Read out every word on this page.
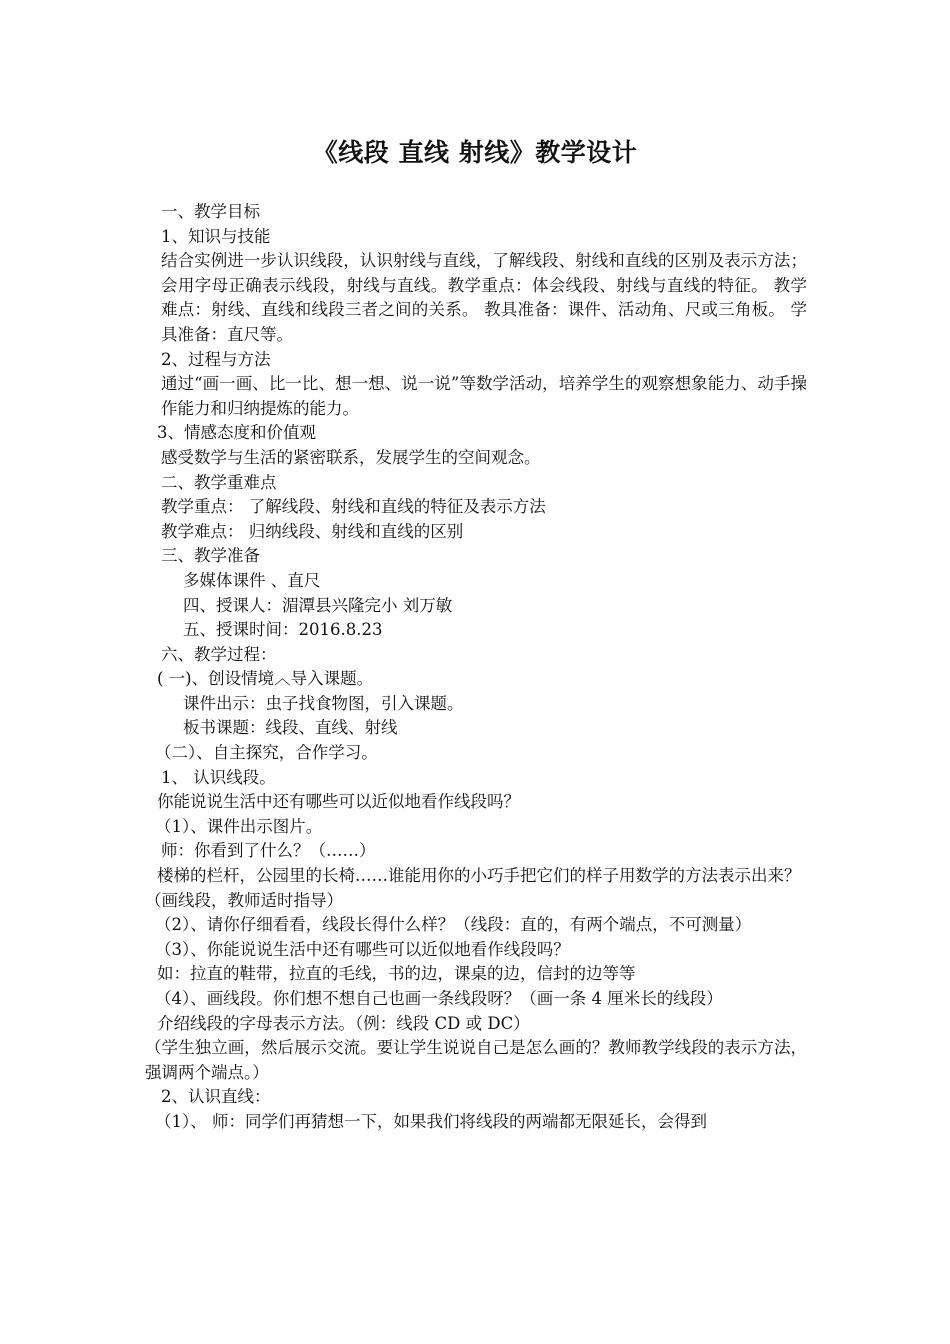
《线段 直线 射线》教学设计

一、教学目标

1、知识与技能

结合实例进一步认识线段，认识射线与直线，了解线段、射线和直线的区别及表示方法；会用字母正确表示线段，射线与直线。教学重点：体会线段、射线与直线的特征。 教学难点：射线、直线和线段三者之间的关系。 教具准备：课件、活动角、尺或三角板。 学具准备：直尺等。

2、过程与方法

通过“画一画、比一比、想一想、说一说”等数学活动，培养学生的观察想象能力、动手操作能力和归纳提炼的能力。

3、情感态度和价值观

感受数学与生活的紧密联系，发展学生的空间观念。

二、教学重难点

教学重点： 了解线段、射线和直线的特征及表示方法

教学难点： 归纳线段、射线和直线的区别

三、教学准备

多媒体课件 、直尺

四、授课人：湄潭县兴隆完小 刘万敏

五、授课时间：2016.8.23

六、教学过程：

( 一)、创设情境︿导入课题。

课件出示：虫子找食物图，引入课题。

板书课题：线段、直线、射线

（二）、自主探究，合作学习。

1、 认识线段。

你能说说生活中还有哪些可以近似地看作线段吗？

（1）、课件出示图片。

师：你看到了什么？（……）

楼梯的栏杆，公园里的长椅……谁能用你的小巧手把它们的样子用数学的方法表示出来？

（画线段，教师适时指导）

（2）、请你仔细看看，线段长得什么样？（线段：直的，有两个端点，不可测量）

（3）、你能说说生活中还有哪些可以近似地看作线段吗？

如：拉直的鞋带，拉直的毛线，书的边，课桌的边，信封的边等等

（4）、画线段。你们想不想自己也画一条线段呀？（画一条 4 厘米长的线段）

介绍线段的字母表示方法。（例：线段 CD 或 DC）

（学生独立画，然后展示交流。要让学生说说自己是怎么画的？教师教学线段的表示方法，强调两个端点。）

2、认识直线：

（1）、 师：同学们再猜想一下，如果我们将线段的两端都无限延长，会得到
